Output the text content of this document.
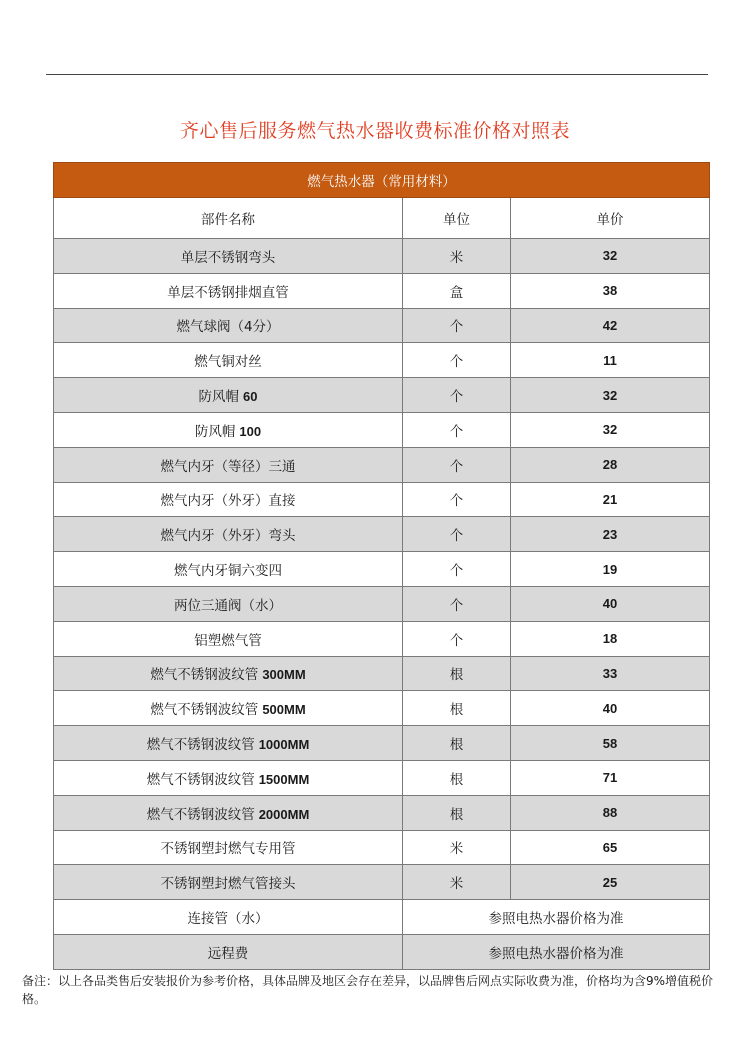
齐心售后服务燃气热水器收费标准价格对照表
燃气热水器（常用材料）		
部件名称	单位	单价
单层不锈钢弯头	米	32
单层不锈钢排烟直管	盒	38
燃气球阀（4分）	个	42
燃气铜对丝	个	11
防风帽 60	个	32
防风帽 100	个	32
燃气内牙（等径）三通	个	28
燃气内牙（外牙）直接	个	21
燃气内牙（外牙）弯头	个	23
燃气内牙铜六变四	个	19
两位三通阀（水）	个	40
铝塑燃气管	个	18
燃气不锈钢波纹管 300MM	根	33
燃气不锈钢波纹管 500MM	根	40
燃气不锈钢波纹管 1000MM	根	58
燃气不锈钢波纹管 1500MM	根	71
燃气不锈钢波纹管 2000MM	根	88
不锈钢塑封燃气专用管	米	65
不锈钢塑封燃气管接头	米	25
连接管（水）	参照电热水器价格为准	
远程费	参照电热水器价格为准	
备注：以上各品类售后安装报价为参考价格，具体品牌及地区会存在差异，以品牌售后网点实际收费为准，价格均为含9%增值税价格。
